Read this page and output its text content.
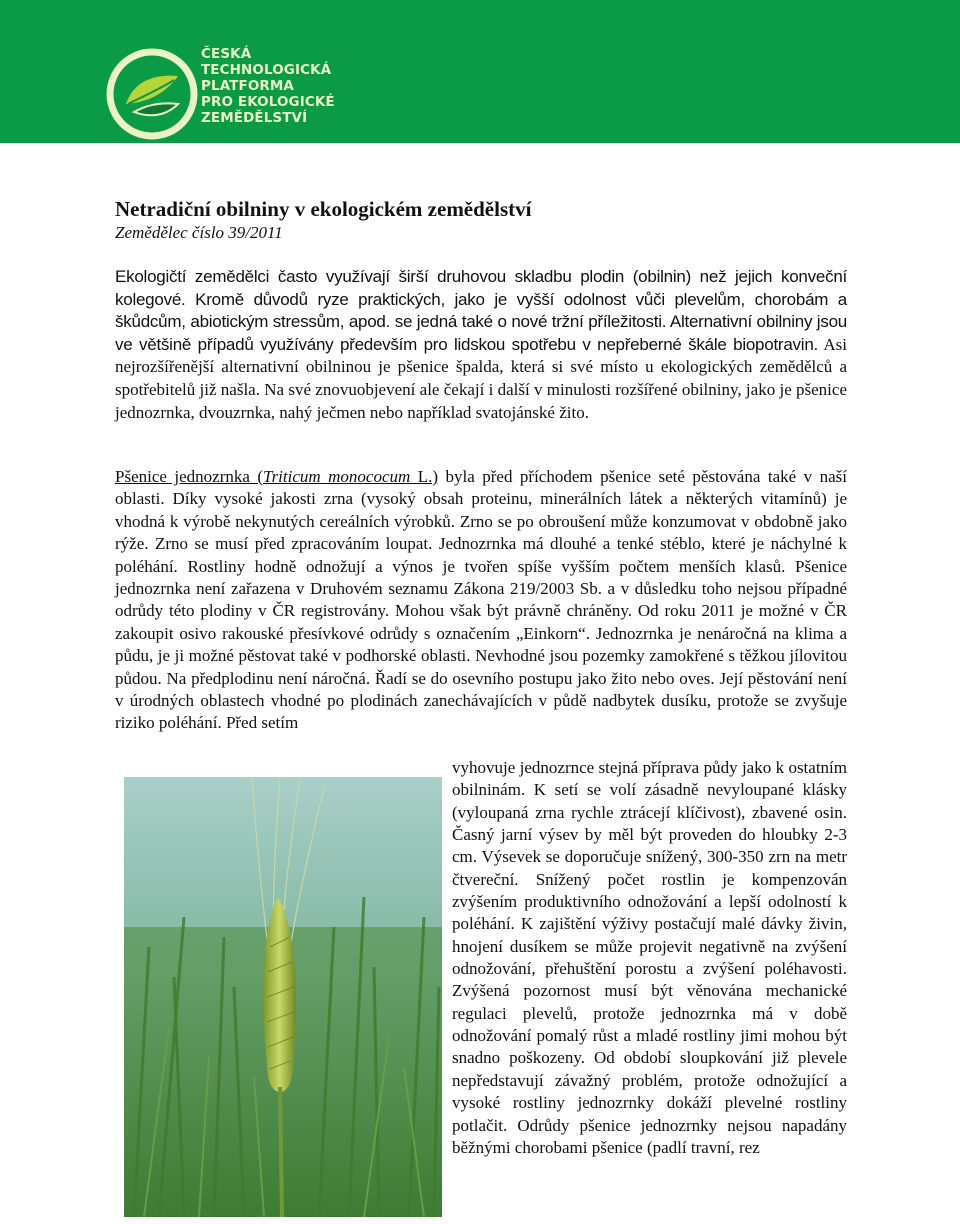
ČESKÁ
TECHNOLOGICKÁ
PLATFORMA
PRO EKOLOGICKÉ
ZEMĚDĚLSTVÍ
Netradiční obilniny v ekologickém zemědělství

Zemědělec číslo 39/2011

Ekologičtí zemědělci často využívají širší druhovou skladbu plodin (obilnin) než jejich konveční kolegové. Kromě důvodů ryze praktických, jako je vyšší odolnost vůči plevelům, chorobám a škůdcům, abiotickým stressům, apod. se jedná také o nové tržní příležitosti. Alternativní obilniny jsou ve většině případů využívány především pro lidskou spotřebu v nepřeberné škále biopotravin. Asi nejrozšířenější alternativní obilninou je pšenice špalda, která si své místo u ekologických zemědělců a spotřebitelů již našla. Na své znovuobjevení ale čekají i další v minulosti rozšířené obilniny, jako je pšenice jednozrnka, dvouzrnka, nahý ječmen nebo například svatojánské žito.
Pšenice jednozrnka (Triticum monococum L.) byla před příchodem pšenice seté pěstována také v naší oblasti. Díky vysoké jakosti zrna (vysoký obsah proteinu, minerálních látek a některých vitamínů) je vhodná k výrobě nekynutých cereálních výrobků. Zrno se po obroušení může konzumovat v obdobně jako rýže. Zrno se musí před zpracováním loupat. Jednozrnka má dlouhé a tenké stéblo, které je náchylné k poléhání. Rostliny hodně odnožují a výnos je tvořen spíše vyšším počtem menších klasů. Pšenice jednozrnka není zařazena v Druhovém seznamu Zákona 219/2003 Sb. a v důsledku toho nejsou případné odrůdy této plodiny v ČR registrovány. Mohou však být právně chráněny. Od roku 2011 je možné v ČR zakoupit osivo rakouské přesívkové odrůdy s označením „Einkorn“. Jednozrnka je nenáročná na klima a půdu, je ji možné pěstovat také v podhorské oblasti. Nevhodné jsou pozemky zamokřené s těžkou jílovitou půdou. Na předplodinu není náročná. Řadí se do osevního postupu jako žito nebo oves. Její pěstování není v úrodných oblastech vhodné po plodinách zanechávajících v půdě nadbytek dusíku, protože se zvyšuje riziko poléhání. Před setím
vyhovuje jednozrnce stejná příprava půdy jako k ostatním obilninám. K setí se volí zásadně nevyloupané klásky (vyloupaná zrna rychle ztrácejí klíčivost), zbavené osin. Časný jarní výsev by měl být proveden do hloubky 2-3 cm. Výsevek se doporučuje snížený, 300-350 zrn na metr čtvereční. Snížený počet rostlin je kompenzován zvýšením produktivního odnožování a lepší odolností k poléhání. K zajištění výživy postačují malé dávky živin, hnojení dusíkem se může projevit negativně na zvýšení odnožování, přehuštění porostu a zvýšení poléhavosti. Zvýšená pozornost musí být věnována mechanické regulaci plevelů, protože jednozrnka má v době odnožování pomalý růst a mladé rostliny jimi mohou být snadno poškozeny. Od období sloupkování již plevele nepředstavují závažný problém, protože odnožující a vysoké rostliny jednozrnky dokáží plevelné rostliny potlačit. Odrůdy pšenice jednozrnky nejsou napadány běžnými chorobami pšenice (padlí travní, rez
